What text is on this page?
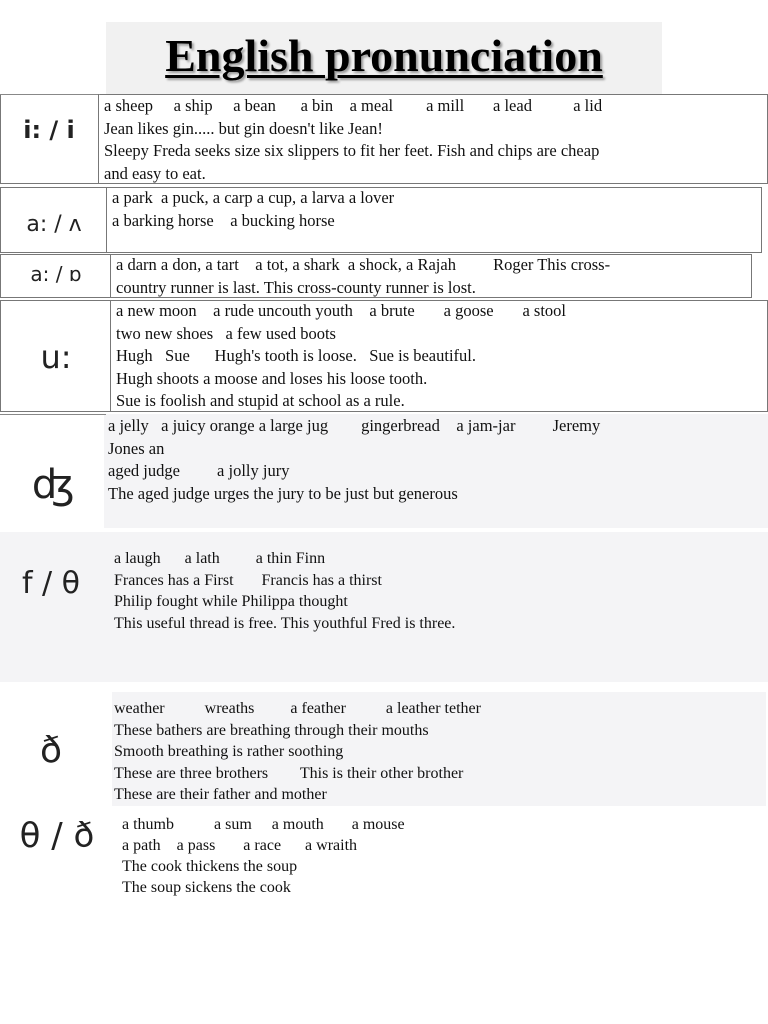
English pronunciation
i: / i
a sheep     a ship     a bean      a bin    a meal        a mill       a lead          a lid
Jean likes gin..... but gin doesn't like Jean!
Sleepy Freda seeks size six slippers to fit her feet. Fish and chips are cheap
and easy to eat.
a: / ʌ
a park  a puck, a carp a cup, a larva a lover
a barking horse    a bucking horse
a: / ɒ	a darn a don, a tart    a tot, a shark  a shock, a Rajah         Roger This cross-
country runner is last. This cross-county runner is lost.
u:
a new moon    a rude uncouth youth    a brute       a goose       a stool
two new shoes   a few used boots
Hugh   Sue      Hugh's tooth is loose.   Sue is beautiful.
Hugh shoots a moose and loses his loose tooth.
Sue is foolish and stupid at school as a rule.
ʤ
a jelly   a juicy orange a large jug        gingerbread    a jam-jar         Jeremy
Jones an
aged judge         a jolly jury
The aged judge urges the jury to be just but generous
f / θ
a laugh      a lath         a thin Finn
Frances has a First       Francis has a thirst
Philip fought while Philippa thought
This useful thread is free. This youthful Fred is three.
ð
weather          wreaths         a feather          a leather tether
These bathers are breathing through their mouths
Smooth breathing is rather soothing
These are three brothers        This is their other brother
These are their father and mother
θ / ð	a thumb          a sum     a mouth       a mouse
a path    a pass       a race      a wraith
The cook thickens the soup
The soup sickens the cook
